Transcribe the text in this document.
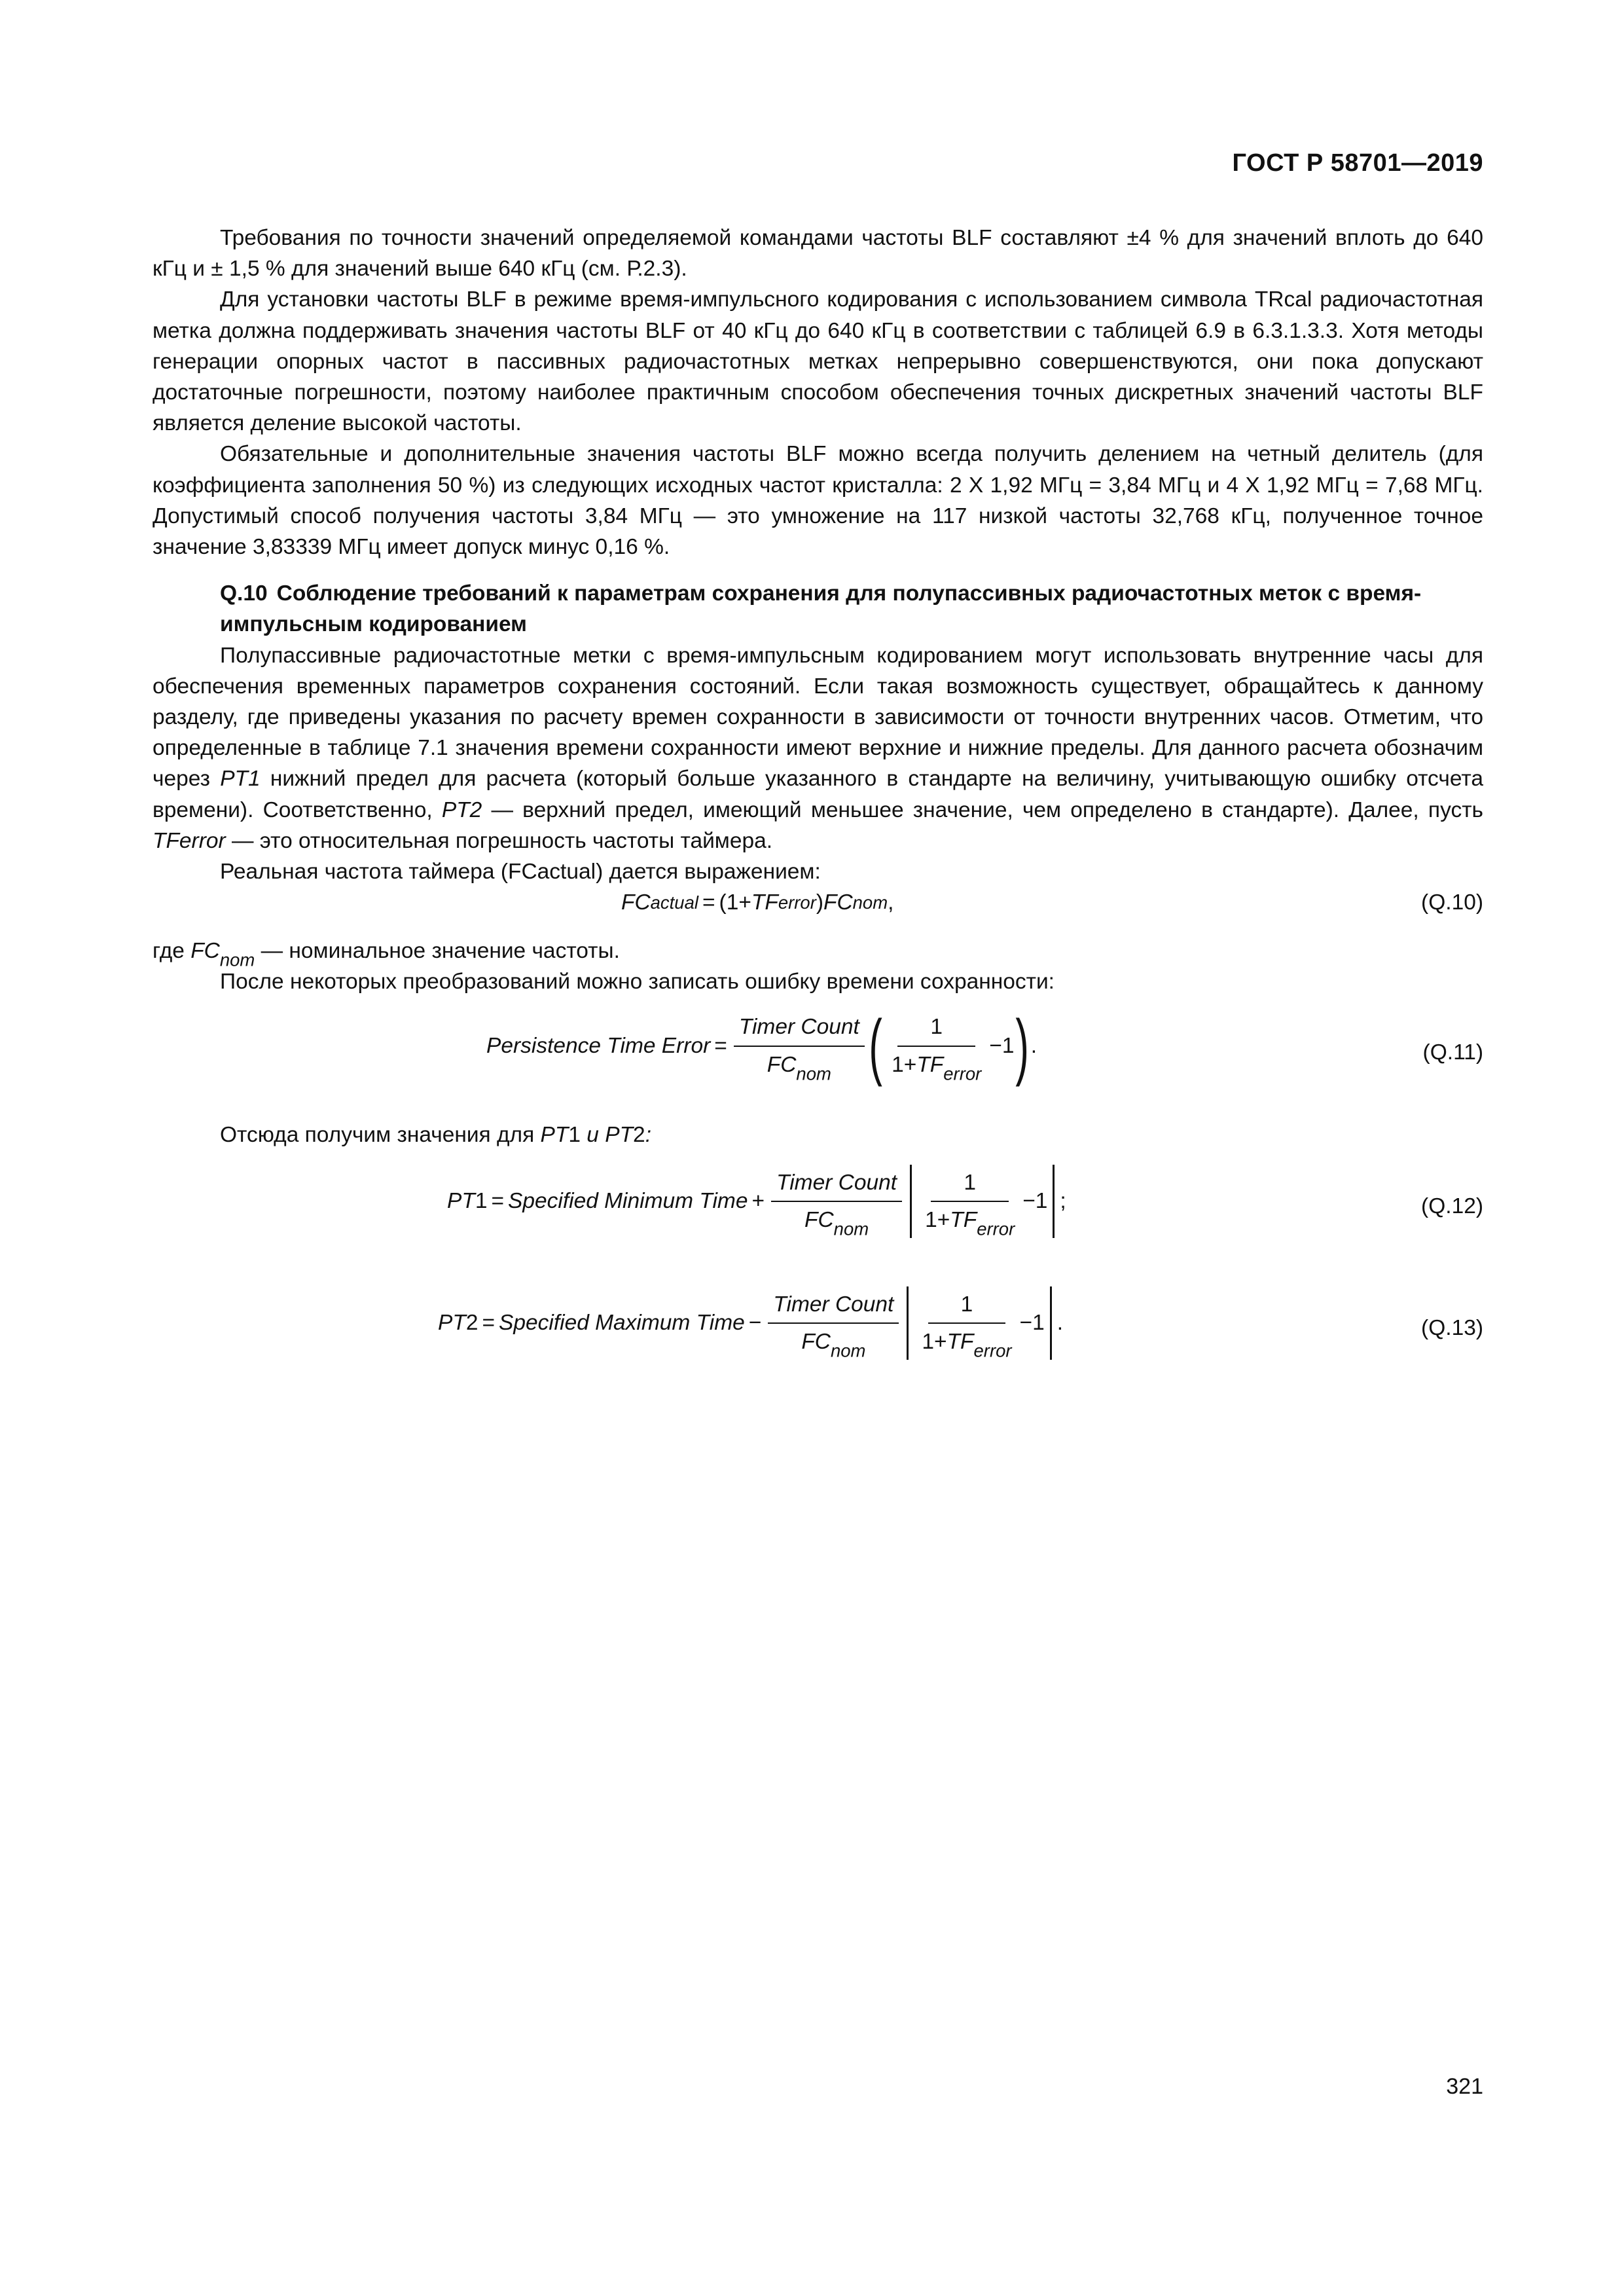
ГОСТ Р 58701—2019

Требования по точности значений определяемой командами частоты BLF составляют ±4 % для значений вплоть до 640 кГц и ± 1,5 % для значений выше 640 кГц (см. Р.2.3).

Для установки частоты BLF в режиме время-импульсного кодирования с использованием символа TRcal радиочастотная метка должна поддерживать значения частоты BLF от 40 кГц до 640 кГц в соответствии с таблицей 6.9 в 6.3.1.3.3. Хотя методы генерации опорных частот в пассивных радиочастотных метках непрерывно совершенствуются, они пока допускают достаточные погрешности, поэтому наиболее практичным способом обеспечения точных дискретных значений частоты BLF является деление высокой частоты.

Обязательные и дополнительные значения частоты BLF можно всегда получить делением на четный делитель (для коэффициента заполнения 50 %) из следующих исходных частот кристалла: 2 X 1,92 МГц = 3,84 МГц и 4 X 1,92 МГц = 7,68 МГц. Допустимый способ получения частоты 3,84 МГц — это умножение на 117 низкой частоты 32,768 кГц, полученное точное значение 3,83339 МГц имеет допуск минус 0,16 %.

Q.10 Соблюдение требований к параметрам сохранения для полупассивных радиочастотных меток с время-импульсным кодированием

Полупассивные радиочастотные метки с время-импульсным кодированием могут использовать внутренние часы для обеспечения временных параметров сохранения состояний. Если такая возможность существует, обращайтесь к данному разделу, где приведены указания по расчету времен сохранности в зависимости от точности внутренних часов. Отметим, что определенные в таблице 7.1 значения времени сохранности имеют верхние и нижние пределы. Для данного расчета обозначим через PT1 нижний предел для расчета (который больше указанного в стандарте на величину, учитывающую ошибку отсчета времени). Соответственно, PT2 — верхний предел, имеющий меньшее значение, чем определено в стандарте). Далее, пусть TFerror — это относительная погрешность частоты таймера.

Реальная частота таймера (FCactual) дается выражением:

FC actual = (1+ TF error ) FC nom ,	(Q.10)

где $FC_{nom}$ — номинальное значение частоты.

После некоторых преобразований можно записать ошибку времени сохранности:

Persistence Time Error = $\frac{\text{Timer Count}}{FC_{nom}}$ ( $\frac{1}{1+TF_{error}} -1$ ) .	(Q.11)

Отсюда получим значения для PT1 и PT2:

PT 1 = Specified Minimum Time + $\frac{\text{Timer Count}}{FC_{nom}} \frac{1}{1+TF_{error}} -1$ ;	(Q.12)
PT 2 = Specified Maximum Time − $\frac{\text{Timer Count}}{FC_{nom}} \frac{1}{1+TF_{error}} -1$ .	(Q.13)
321
